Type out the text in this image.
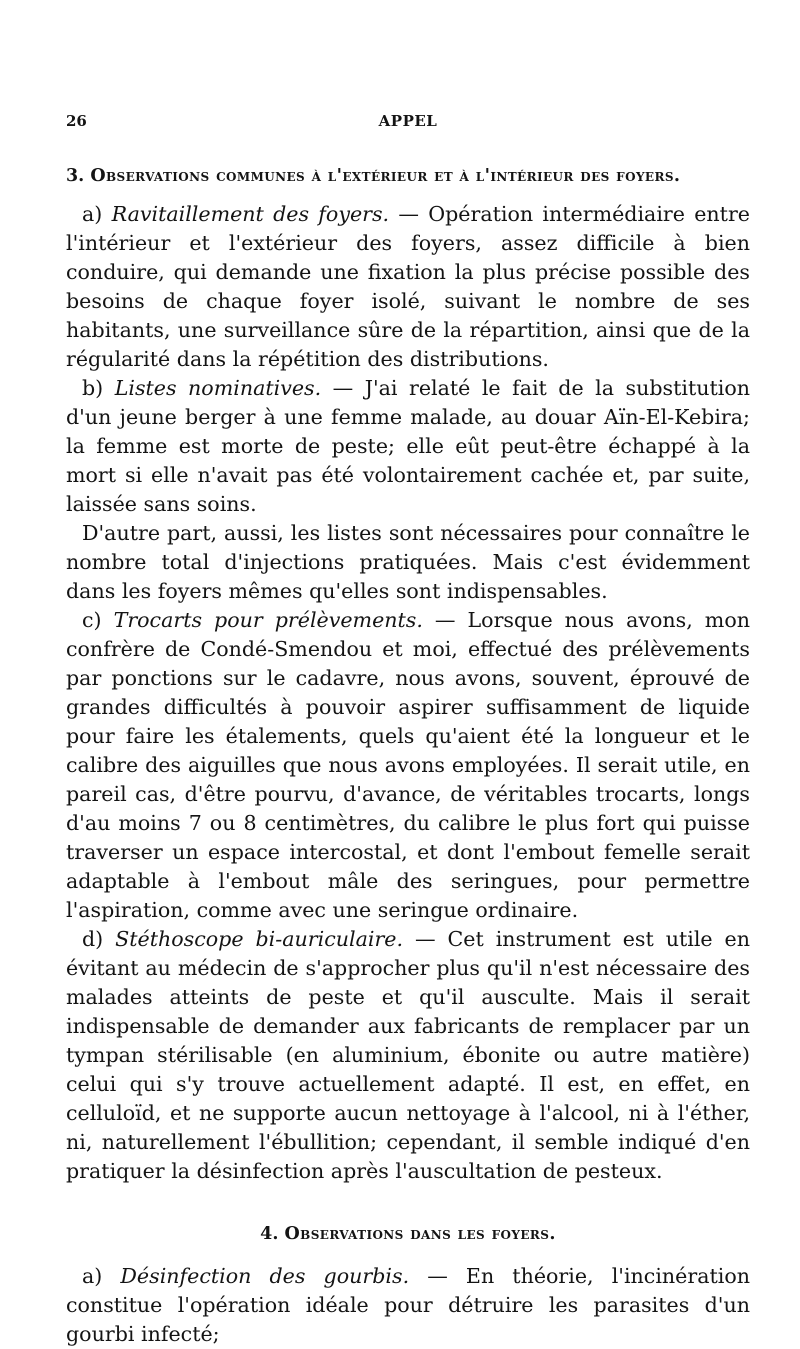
26	APPEL
3. Observations communes à l'extérieur et à l'intérieur des foyers.

a) Ravitaillement des foyers. — Opération intermédiaire entre l'intérieur et l'extérieur des foyers, assez difficile à bien conduire, qui demande une fixation la plus précise possible des besoins de chaque foyer isolé, suivant le nombre de ses habitants, une surveillance sûre de la répartition, ainsi que de la régularité dans la répétition des distributions.

b) Listes nominatives. — J'ai relaté le fait de la substitution d'un jeune berger à une femme malade, au douar Aïn-El-Kebira; la femme est morte de peste; elle eût peut-être échappé à la mort si elle n'avait pas été volontairement cachée et, par suite, laissée sans soins.

D'autre part, aussi, les listes sont nécessaires pour connaître le nombre total d'injections pratiquées. Mais c'est évidemment dans les foyers mêmes qu'elles sont indispensables.

c) Trocarts pour prélèvements. — Lorsque nous avons, mon confrère de Condé-Smendou et moi, effectué des prélèvements par ponctions sur le cadavre, nous avons, souvent, éprouvé de grandes difficultés à pouvoir aspirer suffisamment de liquide pour faire les étalements, quels qu'aient été la longueur et le calibre des aiguilles que nous avons employées. Il serait utile, en pareil cas, d'être pourvu, d'avance, de véritables trocarts, longs d'au moins 7 ou 8 centimètres, du calibre le plus fort qui puisse traverser un espace intercostal, et dont l'embout femelle serait adaptable à l'embout mâle des seringues, pour permettre l'aspiration, comme avec une seringue ordinaire.

d) Stéthoscope bi-auriculaire. — Cet instrument est utile en évitant au médecin de s'approcher plus qu'il n'est nécessaire des malades atteints de peste et qu'il ausculte. Mais il serait indispensable de demander aux fabricants de remplacer par un tympan stérilisable (en aluminium, ébonite ou autre matière) celui qui s'y trouve actuellement adapté. Il est, en effet, en celluloïd, et ne supporte aucun nettoyage à l'alcool, ni à l'éther, ni, naturellement l'ébullition; cependant, il semble indiqué d'en pratiquer la désinfection après l'auscultation de pesteux.

4. Observations dans les foyers.

a) Désinfection des gourbis. — En théorie, l'incinération constitue l'opération idéale pour détruire les parasites d'un gourbi infecté;
